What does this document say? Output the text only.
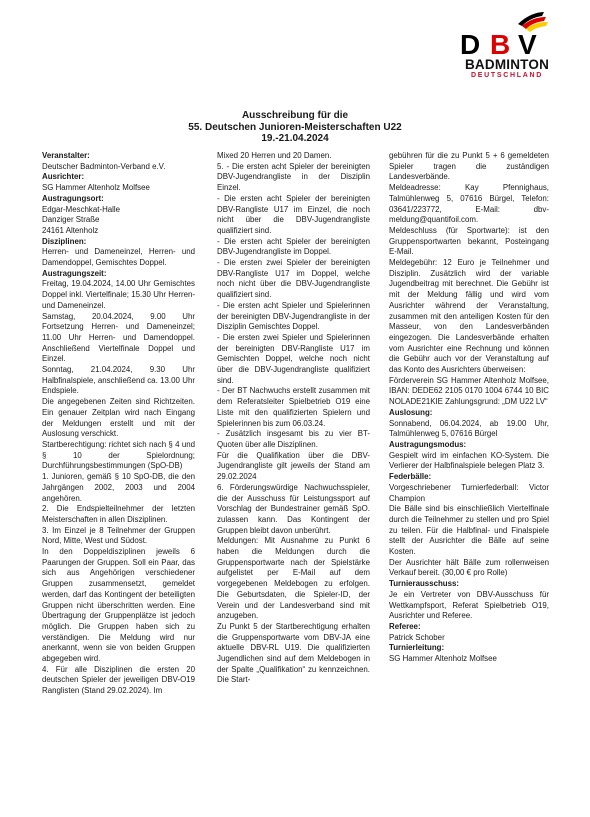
D B V
BADMINTON
DEUTSCHLAND
Ausschreibung für die
55. Deutschen Junioren-Meisterschaften U22
19.-21.04.2024

Veranstalter:

Deutscher Badminton-Verband e.V.

Ausrichter:

SG Hammer Altenholz Molfsee

Austragungsort:

Edgar-Meschkat-Halle

Danziger Straße

24161 Altenholz

Disziplinen:

Herren- und Dameneinzel, Herren- und Damendoppel, Gemischtes Doppel.

Austragungszeit:

Freitag, 19.04.2024, 14.00 Uhr Gemischtes Doppel inkl. Viertelfinale; 15.30 Uhr Herren- und Dameneinzel.

Samstag, 20.04.2024, 9.00 Uhr Fortsetzung Herren- und Dameneinzel; 11.00 Uhr Herren- und Damendoppel. Anschließend Viertelfinale Doppel und Einzel.

Sonntag, 21.04.2024, 9.30 Uhr Halbfinalspiele, anschließend ca. 13.00 Uhr Endspiele.

Die angegebenen Zeiten sind Richtzeiten. Ein genauer Zeitplan wird nach Eingang der Meldungen erstellt und mit der Auslosung verschickt.

Startberechtigung: richtet sich nach § 4 und § 10 der Spielordnung; Durchführungsbestimmungen (SpO-DB)

1. Junioren, gemäß § 10 SpO-DB, die den Jahrgängen 2002, 2003 und 2004 angehören.

2. Die Endspielteilnehmer der letzten Meisterschaften in allen Disziplinen.

3. Im Einzel je 8 Teilnehmer der Gruppen Nord, Mitte, West und Südost.

In den Doppeldisziplinen jeweils 6 Paarungen der Gruppen. Soll ein Paar, das sich aus Angehörigen verschiedener Gruppen zusammensetzt, gemeldet werden, darf das Kontingent der beteiligten Gruppen nicht überschritten werden. Eine Übertragung der Gruppenplätze ist jedoch möglich. Die Gruppen haben sich zu verständigen. Die Meldung wird nur anerkannt, wenn sie von beiden Gruppen abgegeben wird.

4. Für alle Disziplinen die ersten 20 deutschen Spieler der jeweiligen DBV-O19 Ranglisten (Stand 29.02.2024). Im

Mixed 20 Herren und 20 Damen.

5. - Die ersten acht Spieler der bereinigten DBV-Jugendrangliste in der Disziplin Einzel.

- Die ersten acht Spieler der bereinigten DBV-Rangliste U17 im Einzel, die noch nicht über die DBV-Jugendrangliste qualifiziert sind.

- Die ersten acht Spieler der bereinigten DBV-Jugendrangliste im Doppel.

- Die ersten zwei Spieler der bereinigten DBV-Rangliste U17 im Doppel, welche noch nicht über die DBV-Jugendrangliste qualifiziert sind.

- Die ersten acht Spieler und Spielerinnen der bereinigten DBV-Jugendrangliste in der Disziplin Gemischtes Doppel.

- Die ersten zwei Spieler und Spielerinnen der bereinigten DBV-Rangliste U17 im Gemischten Doppel, welche noch nicht über die DBV-Jugendrangliste qualifiziert sind.

- Der BT Nachwuchs erstellt zusammen mit dem Referatsleiter Spielbetrieb O19 eine Liste mit den qualifizierten Spielern und Spielerinnen bis zum 06.03.24.

- Zusätzlich insgesamt bis zu vier BT-Quoten über alle Disziplinen.

Für die Qualifikation über die DBV-Jugendrangliste gilt jeweils der Stand am 29.02.2024

6. Förderungswürdige Nachwuchsspieler, die der Ausschuss für Leistungssport auf Vorschlag der Bundestrainer gemäß SpO. zulassen kann. Das Kontingent der Gruppen bleibt davon unberührt.

Meldungen: Mit Ausnahme zu Punkt 6 haben die Meldungen durch die Gruppensportwarte nach der Spielstärke aufgelistet per E-Mail auf dem vorgegebenen Meldebogen zu erfolgen. Die Geburtsdaten, die Spieler-ID, der Verein und der Landesverband sind mit anzugeben.

Zu Punkt 5 der Startberechtigung erhalten die Gruppensportwarte vom DBV-JA eine aktuelle DBV-RL U19. Die qualifizierten Jugendlichen sind auf dem Meldebogen in der Spalte „Qualifikation“ zu kennzeichnen. Die Start-

gebühren für die zu Punkt 5 + 6 gemeldeten Spieler tragen die zuständigen Landesverbände.

Meldeadresse: Kay Pfennighaus, Talmühlenweg 5, 07616 Bürgel, Telefon: 03641/223772, E-Mail: dbv-meldung@quantifoil.com.

Meldeschluss (für Sportwarte): ist den Gruppensportwarten bekannt, Posteingang E-Mail.

Meldegebühr: 12 Euro je Teilnehmer und Disziplin. Zusätzlich wird der variable Jugendbeitrag mit berechnet. Die Gebühr ist mit der Meldung fällig und wird vom Ausrichter während der Veranstaltung, zusammen mit den anteiligen Kosten für den Masseur, von den Landesverbänden eingezogen. Die Landesverbände erhalten vom Ausrichter eine Rechnung und können die Gebühr auch vor der Veranstaltung auf das Konto des Ausrichters überweisen:

Förderverein SG Hammer Altenholz Molfsee, IBAN: DEDE62 2105 0170 1004 6744 10 BIC NOLADE21KIE Zahlungsgrund: „DM U22 LV“

Auslosung:

Sonnabend, 06.04.2024, ab 19.00 Uhr, Talmühlenweg 5, 07616 Bürgel

Austragungsmodus:

Gespielt wird im einfachen KO-System. Die Verlierer der Halbfinalspiele belegen Platz 3.

Federbälle:

Vorgeschriebener Turnierfederball: Victor Champion

Die Bälle sind bis einschließlich Viertelfinale durch die Teilnehmer zu stellen und pro Spiel zu teilen. Für die Halbfinal- und Finalspiele stellt der Ausrichter die Bälle auf seine Kosten.

Der Ausrichter hält Bälle zum rollenweisen Verkauf bereit. (30,00 € pro Rolle)

Turnierausschuss:

Je ein Vertreter von DBV-Ausschuss für Wettkampfsport, Referat Spielbetrieb O19, Ausrichter und Referee.

Referee:

Patrick Schober

Turnierleitung:

SG Hammer Altenholz Molfsee
